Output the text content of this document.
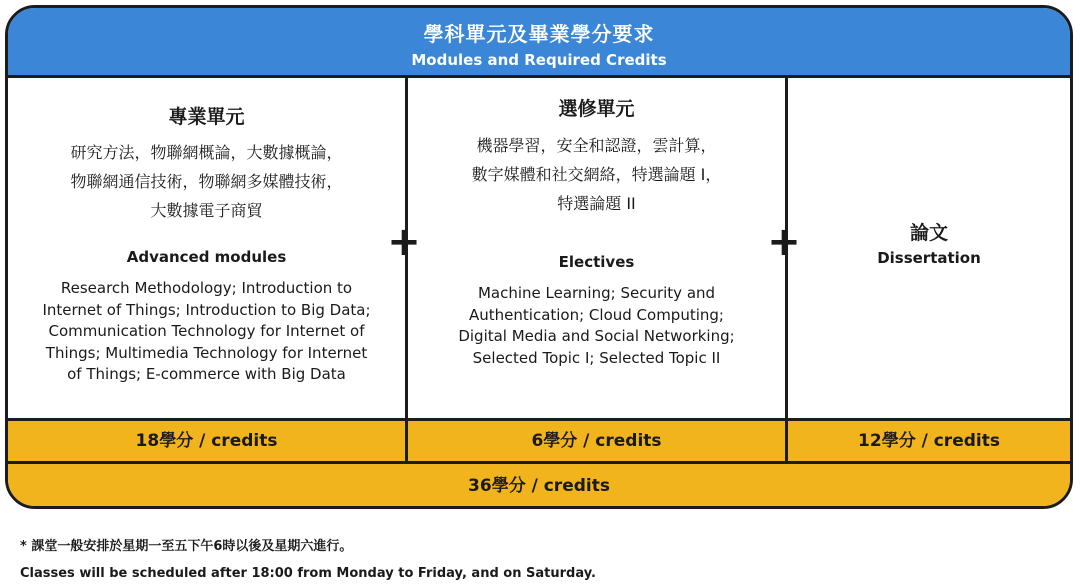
學科單元及畢業學分要求
Modules and Required Credits
專業單元
研究方法，物聯網概論，大數據概論，
物聯網通信技術，物聯網多媒體技術，
大數據電子商貿
Advanced modules
Research Methodology; Introduction to
Internet of Things; Introduction to Big Data;
Communication Technology for Internet of
Things; Multimedia Technology for Internet
of Things; E-commerce with Big Data
選修單元
機器學習，安全和認證，雲計算，
數字媒體和社交網絡，特選論題 I，
特選論題 II
Electives
Machine Learning; Security and
Authentication; Cloud Computing;
Digital Media and Social Networking;
Selected Topic I; Selected Topic II
論文
Dissertation
18學分 / credits	6學分 / credits	12學分 / credits
36學分 / credits
+	+
* 課堂一般安排於星期一至五下午6時以後及星期六進行。
Classes will be scheduled after 18:00 from Monday to Friday, and on Saturday.
